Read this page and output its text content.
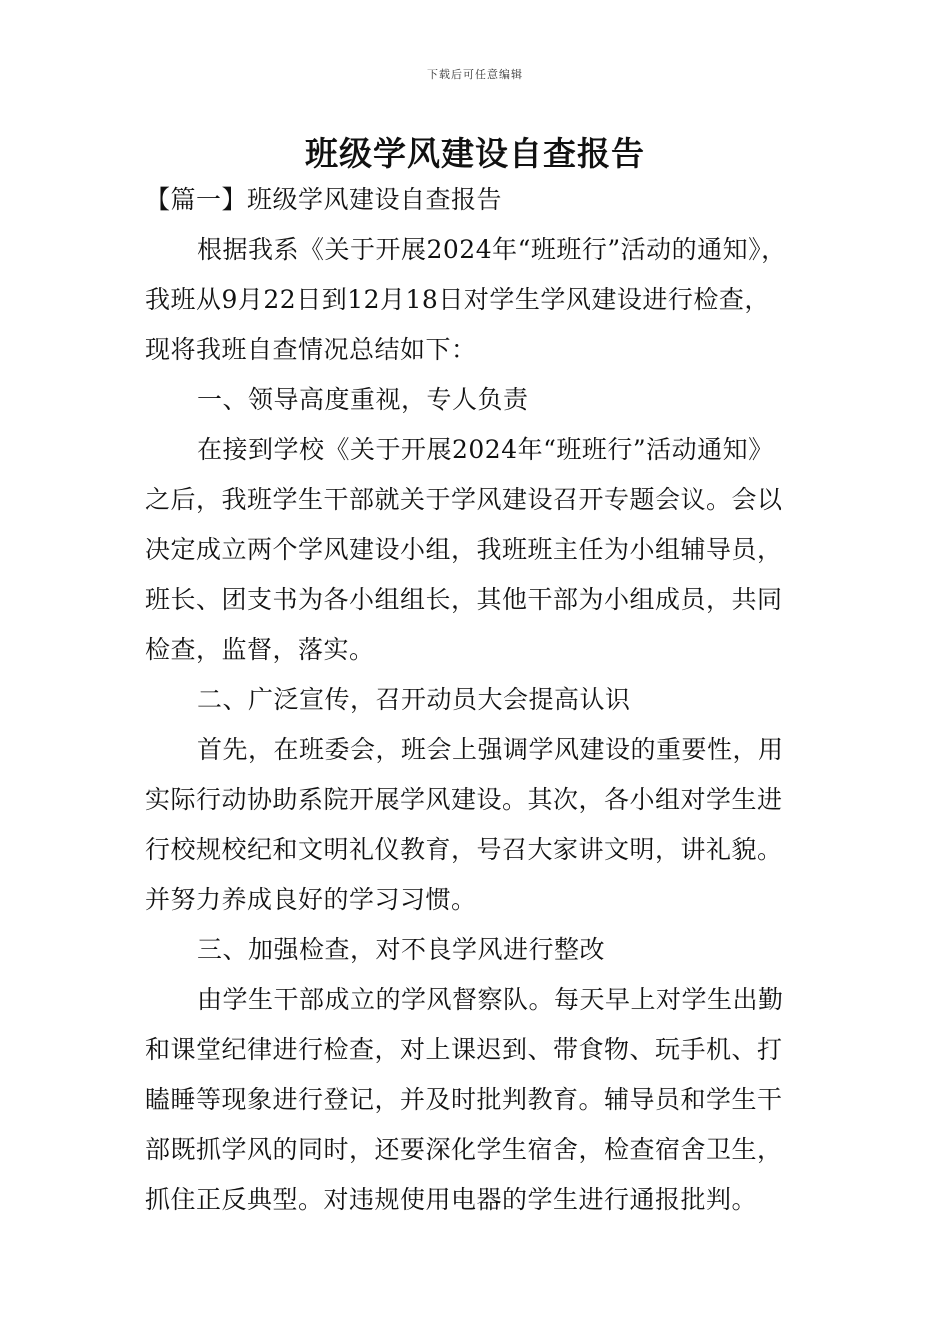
下载后可任意编辑
班级学风建设自查报告
【篇一】班级学风建设自查报告
根据我系《关于开展2024年“班班行”活动的通知》，
我班从9月22日到12月18日对学生学风建设进行检查，
现将我班自查情况总结如下：
一、领导高度重视，专人负责
在接到学校《关于开展2024年“班班行”活动通知》
之后，我班学生干部就关于学风建设召开专题会议。会以
决定成立两个学风建设小组，我班班主任为小组辅导员，
班长、团支书为各小组组长，其他干部为小组成员，共同
检查，监督，落实。
二、广泛宣传，召开动员大会提高认识
首先，在班委会，班会上强调学风建设的重要性，用
实际行动协助系院开展学风建设。其次，各小组对学生进
行校规校纪和文明礼仪教育，号召大家讲文明，讲礼貌。
并努力养成良好的学习习惯。
三、加强检查，对不良学风进行整改
由学生干部成立的学风督察队。每天早上对学生出勤
和课堂纪律进行检查，对上课迟到、带食物、玩手机、打
瞌睡等现象进行登记，并及时批判教育。辅导员和学生干
部既抓学风的同时，还要深化学生宿舍，检查宿舍卫生，
抓住正反典型。对违规使用电器的学生进行通报批判。
